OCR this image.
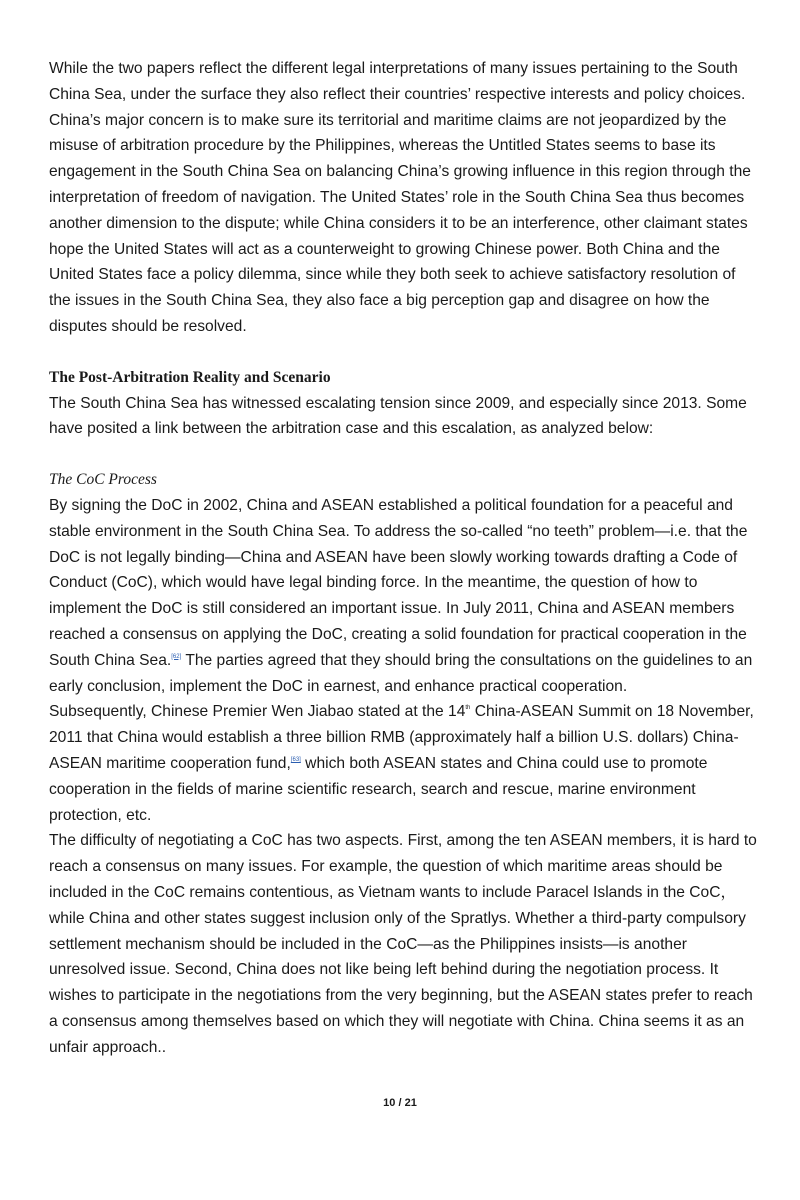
While the two papers reflect the different legal interpretations of many issues pertaining to the South China Sea, under the surface they also reflect their countries’ respective interests and policy choices. China’s major concern is to make sure its territorial and maritime claims are not jeopardized by the misuse of arbitration procedure by the Philippines, whereas the Untitled States seems to base its engagement in the South China Sea on balancing China’s growing influence in this region through the interpretation of freedom of navigation. The United States’ role in the South China Sea thus becomes another dimension to the dispute; while China considers it to be an interference, other claimant states hope the United States will act as a counterweight to growing Chinese power. Both China and the United States face a policy dilemma, since while they both seek to achieve satisfactory resolution of the issues in the South China Sea, they also face a big perception gap and disagree on how the disputes should be resolved.

The Post-Arbitration Reality and Scenario

The South China Sea has witnessed escalating tension since 2009, and especially since 2013. Some have posited a link between the arbitration case and this escalation, as analyzed below:

The CoC Process

By signing the DoC in 2002, China and ASEAN established a political foundation for a peaceful and stable environment in the South China Sea. To address the so-called “no teeth” problem—i.e. that the DoC is not legally binding—China and ASEAN have been slowly working towards drafting a Code of Conduct (CoC), which would have legal binding force. In the meantime, the question of how to implement the DoC is still considered an important issue. In July 2011, China and ASEAN members reached a consensus on applying the DoC, creating a solid foundation for practical cooperation in the South China Sea.[62] The parties agreed that they should bring the consultations on the guidelines to an early conclusion, implement the DoC in earnest, and enhance practical cooperation.

Subsequently, Chinese Premier Wen Jiabao stated at the 14th China-ASEAN Summit on 18 November, 2011 that China would establish a three billion RMB (approximately half a billion U.S. dollars) China-ASEAN maritime cooperation fund,[63] which both ASEAN states and China could use to promote cooperation in the fields of marine scientific research, search and rescue, marine environment protection, etc.

The difficulty of negotiating a CoC has two aspects. First, among the ten ASEAN members, it is hard to reach a consensus on many issues. For example, the question of which maritime areas should be included in the CoC remains contentious, as Vietnam wants to include Paracel Islands in the CoC，while China and other states suggest inclusion only of the Spratlys. Whether a third-party compulsory settlement mechanism should be included in the CoC—as the Philippines insists—is another unresolved issue. Second, China does not like being left behind during the negotiation process. It wishes to participate in the negotiations from the very beginning, but the ASEAN states prefer to reach a consensus among themselves based on which they will negotiate with China. China seems it as an unfair approach..

10 / 21
